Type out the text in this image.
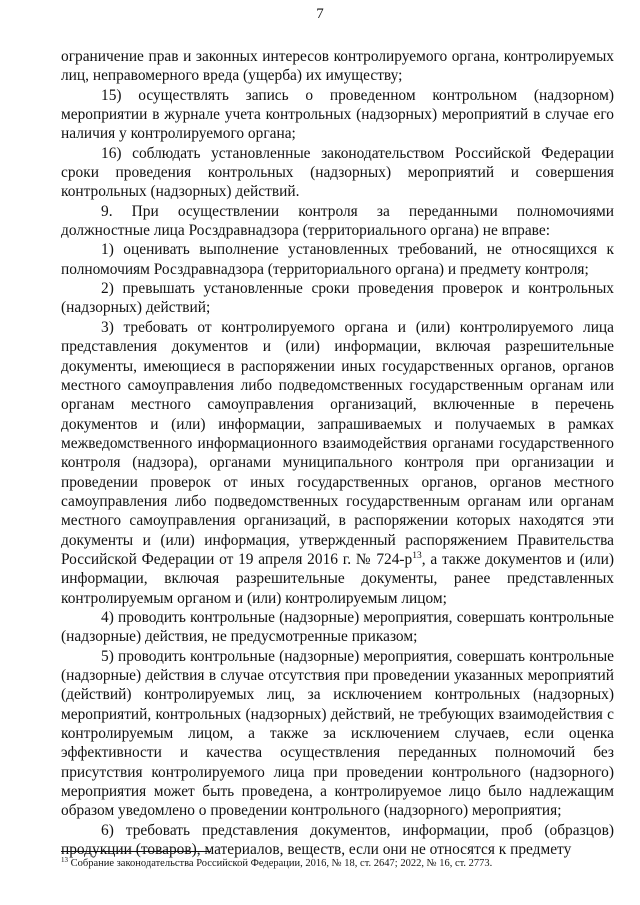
7

ограничение прав и законных интересов контролируемого органа, контролируемых лиц, неправомерного вреда (ущерба) их имуществу;

15) осуществлять запись о проведенном контрольном (надзорном) мероприятии в журнале учета контрольных (надзорных) мероприятий в случае его наличия у контролируемого органа;

16) соблюдать установленные законодательством Российской Федерации сроки проведения контрольных (надзорных) мероприятий и совершения контрольных (надзорных) действий.

9. При осуществлении контроля за переданными полномочиями должностные лица Росздравнадзора (территориального органа) не вправе:

1) оценивать выполнение установленных требований, не относящихся к полномочиям Росздравнадзора (территориального органа) и предмету контроля;

2) превышать установленные сроки проведения проверок и контрольных (надзорных) действий;

3) требовать от контролируемого органа и (или) контролируемого лица представления документов и (или) информации, включая разрешительные документы, имеющиеся в распоряжении иных государственных органов, органов местного самоуправления либо подведомственных государственным органам или органам местного самоуправления организаций, включенные в перечень документов и (или) информации, запрашиваемых и получаемых в рамках межведомственного информационного взаимодействия органами государственного контроля (надзора), органами муниципального контроля при организации и проведении проверок от иных государственных органов, органов местного самоуправления либо подведомственных государственным органам или органам местного самоуправления организаций, в распоряжении которых находятся эти документы и (или) информация, утвержденный распоряжением Правительства Российской Федерации от 19 апреля 2016 г. № $724-р^{13}$, а также документов и (или) информации, включая разрешительные документы, ранее представленных контролируемым органом и (или) контролируемым лицом;

4) проводить контрольные (надзорные) мероприятия, совершать контрольные (надзорные) действия, не предусмотренные приказом;

5) проводить контрольные (надзорные) мероприятия, совершать контрольные (надзорные) действия в случае отсутствия при проведении указанных мероприятий (действий) контролируемых лиц, за исключением контрольных (надзорных) мероприятий, контрольных (надзорных) действий, не требующих взаимодействия с контролируемым лицом, а также за исключением случаев, если оценка эффективности и качества осуществления переданных полномочий без присутствия контролируемого лица при проведении контрольного (надзорного) мероприятия может быть проведена, а контролируемое лицо было надлежащим образом уведомлено о проведении контрольного (надзорного) мероприятия;

6) требовать представления документов, информации, проб (образцов) продукции (товаров), материалов, веществ, если они не относятся к предмету

$^{13}$ Собрание законодательства Российской Федерации, 2016, № 18, ст. 2647; 2022, № 16, ст. 2773.
